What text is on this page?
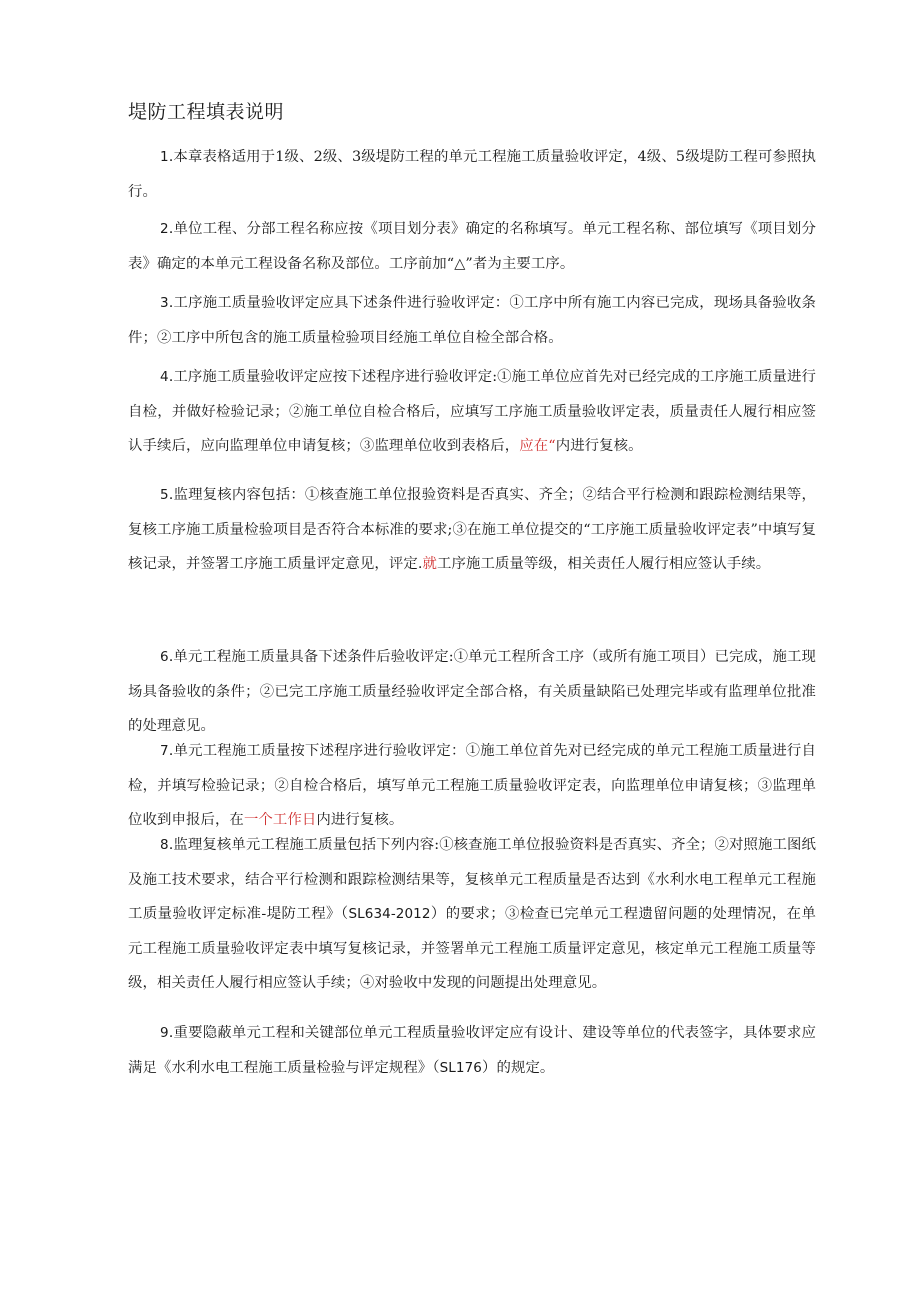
堤防工程填表说明
1.本章表格适用于1级、2级、3级堤防工程的单元工程施工质量验收评定，4级、5级堤防工程可参照执行。
2.单位工程、分部工程名称应按《项目划分表》确定的名称填写。单元工程名称、部位填写《项目划分表》确定的本单元工程设备名称及部位。工序前加“△”者为主要工序。
3.工序施工质量验收评定应具下述条件进行验收评定：①工序中所有施工内容已完成，现场具备验收条件；②工序中所包含的施工质量检验项目经施工单位自检全部合格。
4.工序施工质量验收评定应按下述程序进行验收评定:①施工单位应首先对已经完成的工序施工质量进行自检，并做好检验记录；②施工单位自检合格后，应填写工序施工质量验收评定表，质量责任人履行相应签认手续后，应向监理单位申请复核；③监理单位收到表格后，应在“内进行复核。
5.监理复核内容包括：①核查施工单位报验资料是否真实、齐全；②结合平行检测和跟踪检测结果等，复核工序施工质量检验项目是否符合本标准的要求;③在施工单位提交的“工序施工质量验收评定表”中填写复核记录，并签署工序施工质量评定意见，评定.就工序施工质量等级，相关责任人履行相应签认手续。
6.单元工程施工质量具备下述条件后验收评定:①单元工程所含工序（或所有施工项目）已完成，施工现场具备验收的条件；②已完工序施工质量经验收评定全部合格，有关质量缺陷已处理完毕或有监理单位批准的处理意见。
7.单元工程施工质量按下述程序进行验收评定：①施工单位首先对已经完成的单元工程施工质量进行自检，并填写检验记录；②自检合格后，填写单元工程施工质量验收评定表，向监理单位申请复核；③监理单位收到申报后，在一个工作日内进行复核。
8.监理复核单元工程施工质量包括下列内容:①核查施工单位报验资料是否真实、齐全；②对照施工图纸及施工技术要求，结合平行检测和跟踪检测结果等，复核单元工程质量是否达到《水利水电工程单元工程施工质量验收评定标准-堤防工程》（SL634-2012）的要求；③检查已完单元工程遗留问题的处理情况，在单元工程施工质量验收评定表中填写复核记录，并签署单元工程施工质量评定意见，核定单元工程施工质量等级，相关责任人履行相应签认手续；④对验收中发现的问题提出处理意见。
9.重要隐蔽单元工程和关键部位单元工程质量验收评定应有设计、建设等单位的代表签字，具体要求应满足《水利水电工程施工质量检验与评定规程》（SL176）的规定。
